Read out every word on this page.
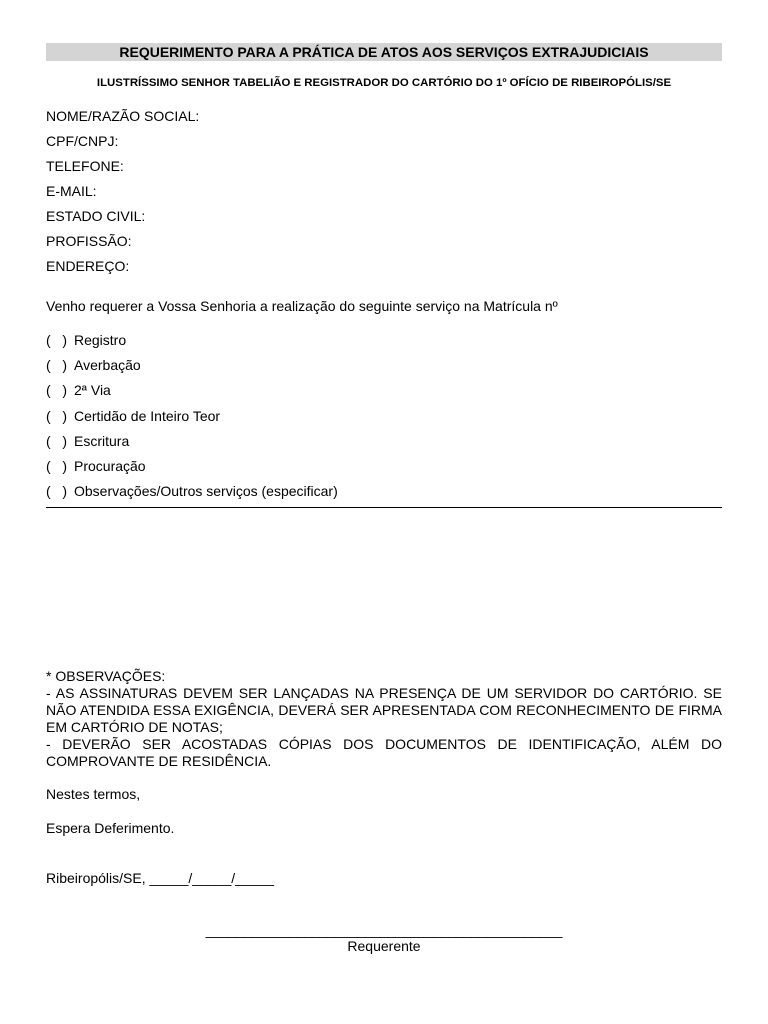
REQUERIMENTO PARA A PRÁTICA DE ATOS AOS SERVIÇOS EXTRAJUDICIAIS
ILUSTRÍSSIMO SENHOR TABELIÃO E REGISTRADOR DO CARTÓRIO DO 1º OFÍCIO DE RIBEIROPÓLIS/SE
NOME/RAZÃO SOCIAL:
CPF/CNPJ:
TELEFONE:
E-MAIL:
ESTADO CIVIL:
PROFISSÃO:
ENDEREÇO:
Venho requerer a Vossa Senhoria a realização do seguinte serviço na Matrícula nº
(   ) Registro
(   ) Averbação
(   ) 2ª Via
(   ) Certidão de Inteiro Teor
(   ) Escritura
(   ) Procuração
(   ) Observações/Outros serviços (especificar)

* OBSERVAÇÕES:

- AS ASSINATURAS DEVEM SER LANÇADAS NA PRESENÇA DE UM SERVIDOR DO CARTÓRIO. SE NÃO ATENDIDA ESSA EXIGÊNCIA, DEVERÁ SER APRESENTADA COM RECONHECIMENTO DE FIRMA EM CARTÓRIO DE NOTAS;

- DEVERÃO SER ACOSTADAS CÓPIAS DOS DOCUMENTOS DE IDENTIFICAÇÃO, ALÉM DO COMPROVANTE DE RESIDÊNCIA.

Nestes termos,
Espera Deferimento.
Ribeiropólis/SE, _____/_____/_____
_______________________________________________
Requerente
